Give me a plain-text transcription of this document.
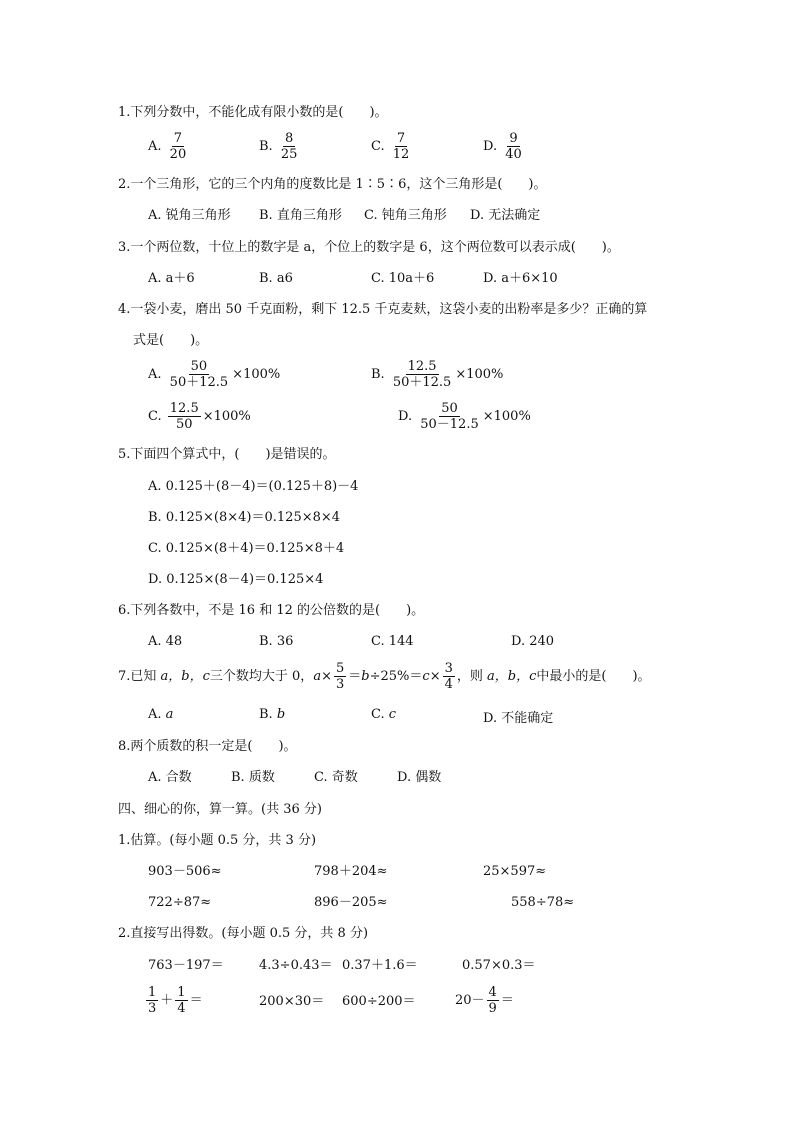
1.下列分数中，不能化成有限小数的是(　　)。
A. $\frac{7}{20}$	B. $\frac{8}{25}$	C. $\frac{7}{12}$	D. $\frac{9}{40}$
2.一个三角形，它的三个内角的度数比是 1∶5∶6，这个三角形是(　　)。
A. 锐角三角形 B. 直角三角形 C. 钝角三角形 D. 无法确定
3.一个两位数，十位上的数字是 a，个位上的数字是 6，这个两位数可以表示成(　　)。
A. a＋6	B. a6	C. 10a＋6	D. a＋6×10
4.一袋小麦，磨出 50 千克面粉，剩下 12.5 千克麦麸，这袋小麦的出粉率是多少？正确的算
式是(　　)。
A. $\frac{50}{50+12.5} \times 100\%$	B. $\frac{12.5}{50+12.5} \times 100\%$
C. $\frac{12.5}{50} \times 100\%$	D. $\frac{50}{50-12.5} \times 100\%$
5.下面四个算式中，(　　)是错误的。
A. 0.125＋(8－4)＝(0.125＋8)－4
B. 0.125×(8×4)＝0.125×8×4
C. 0.125×(8＋4)＝0.125×8＋4
D. 0.125×(8－4)＝0.125×4
6.下列各数中，不是 16 和 12 的公倍数的是(　　)。
A. 48	B. 36	C. 144	D. 240
7.已知 a，b，c三个数均大于 0，$a\times \frac{5}{3} =b\div 25\%=c\times \frac{3}{4}$ ，则 a，b，c中最小的是(　　)。
A. a	B. b	C. c	D. 不能确定
8.两个质数的积一定是(　　)。
A. 合数	B. 质数	C. 奇数	D. 偶数
四、细心的你，算一算。(共 36 分)
1.估算。(每小题 0.5 分，共 3 分)
903－506≈	798＋204≈	25×597≈
722÷87≈	896－205≈	558÷78≈
2.直接写出得数。(每小题 0.5 分，共 8 分)
763－197＝	4.3÷0.43＝ 0.37＋1.6＝	0.57×0.3＝
$\frac{1}{3} + \frac{1}{4}$ ＝	200×30＝ 600÷200＝	$20- \frac{4}{9}$ ＝
